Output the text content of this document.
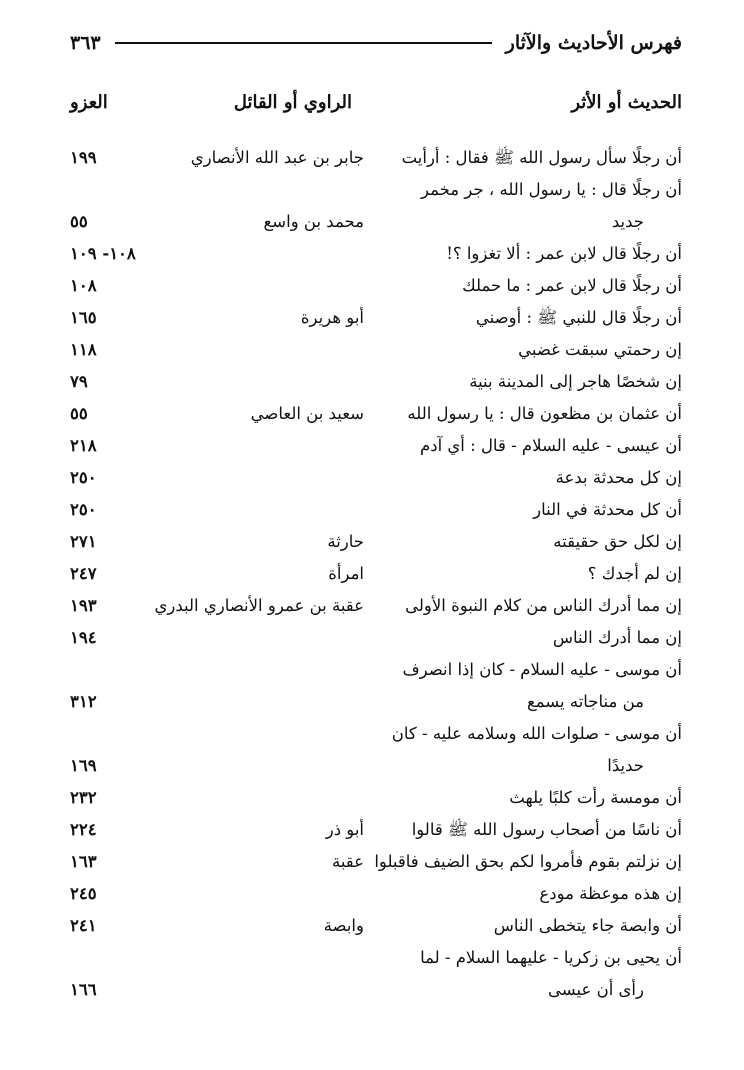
فهرس الأحاديث والآثار
٣٦٣
الحديث أو الأثر
الراوي أو القائل
العزو
أن رجلًا سأل رسول الله ﷺ فقال : أرأيت
جابر بن عبد الله الأنصاري
١٩٩
أن رجلًا قال : يا رسول الله ، جر مخمر
جديد
محمد بن واسع
٥٥
أن رجلًا قال لابن عمر : ألا تغزوا ؟!
١٠٨- ١٠٩
أن رجلًا قال لابن عمر : ما حملك
١٠٨
أن رجلًا قال للنبي ﷺ : أوصني
أبو هريرة
١٦٥
إن رحمتي سبقت غضبي
١١٨
إن شخصًا هاجر إلى المدينة بنية
٧٩
أن عثمان بن مظعون قال : يا رسول الله
سعيد بن العاصي
٥٥
أن عيسى - عليه السلام - قال : أي آدم
٢١٨
إن كل محدثة بدعة
٢٥٠
أن كل محدثة في النار
٢٥٠
إن لكل حق حقيقته
حارثة
٢٧١
إن لم أجدك ؟
امرأة
٢٤٧
إن مما أدرك الناس من كلام النبوة الأولى
عقبة بن عمرو الأنصاري البدري
١٩٣
إن مما أدرك الناس
١٩٤
أن موسى - عليه السلام - كان إذا انصرف
من مناجاته يسمع
٣١٢
أن موسى - صلوات الله وسلامه عليه - كان
حديدًا
١٦٩
أن مومسة رأت كلبًا يلهث
٢٣٢
أن ناسًا من أصحاب رسول الله ﷺ قالوا
أبو ذر
٢٢٤
إن نزلتم بقوم فأمروا لكم بحق الضيف فاقبلوا
عقبة
١٦٣
إن هذه موعظة مودع
٢٤٥
أن وابصة جاء يتخطى الناس
وابصة
٢٤١
أن يحيى بن زكريا - عليهما السلام - لما
رأى أن عيسى
١٦٦
